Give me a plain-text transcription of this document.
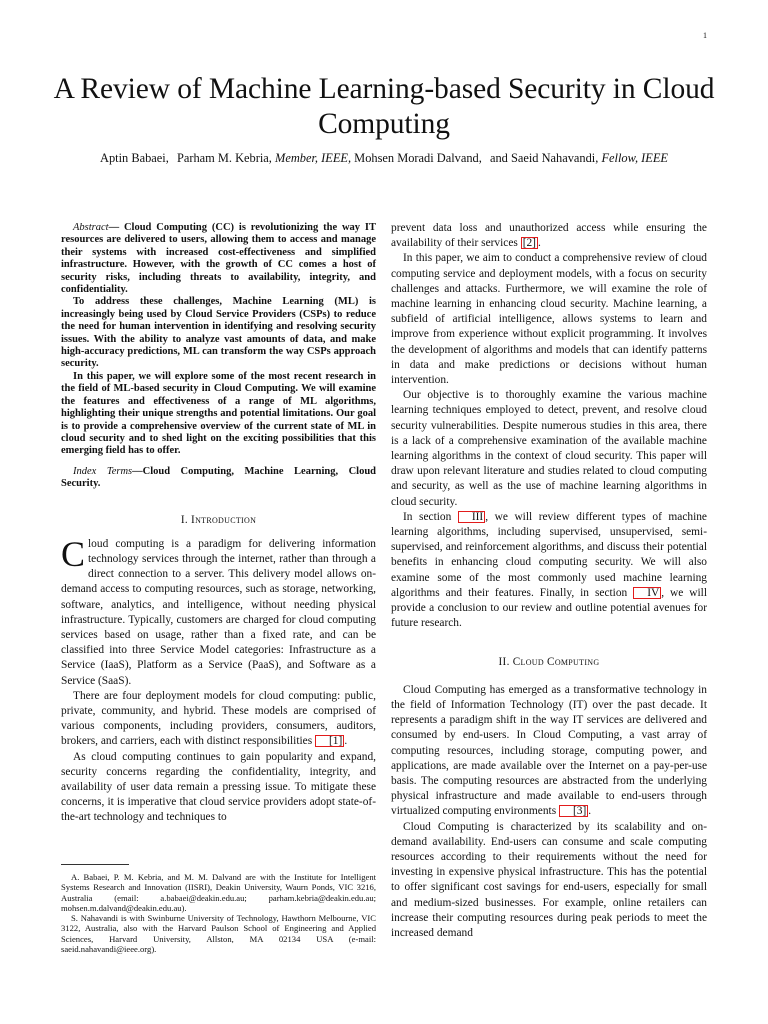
1
A Review of Machine Learning-based Security in Cloud Computing
Aptin Babaei, Parham M. Kebria, Member, IEEE, Mohsen Moradi Dalvand, and Saeid Nahavandi, Fellow, IEEE

Abstract— Cloud Computing (CC) is revolutionizing the way IT resources are delivered to users, allowing them to access and manage their systems with increased cost-effectiveness and simplified infrastructure. However, with the growth of CC comes a host of security risks, including threats to availability, integrity, and confidentiality.

To address these challenges, Machine Learning (ML) is increasingly being used by Cloud Service Providers (CSPs) to reduce the need for human intervention in identifying and resolving security issues. With the ability to analyze vast amounts of data, and make high-accuracy predictions, ML can transform the way CSPs approach security.

In this paper, we will explore some of the most recent research in the field of ML-based security in Cloud Computing. We will examine the features and effectiveness of a range of ML algorithms, highlighting their unique strengths and potential limitations. Our goal is to provide a comprehensive overview of the current state of ML in cloud security and to shed light on the exciting possibilities that this emerging field has to offer.

Index Terms—Cloud Computing, Machine Learning, Cloud Security.

I. Introduction

Cloud computing is a paradigm for delivering information technology services through the internet, rather than through a direct connection to a server. This delivery model allows on-demand access to computing resources, such as storage, networking, software, analytics, and intelligence, without needing physical infrastructure. Typically, customers are charged for cloud computing services based on usage, rather than a fixed rate, and can be classified into three Service Model categories: Infrastructure as a Service (IaaS), Platform as a Service (PaaS), and Software as a Service (SaaS).

There are four deployment models for cloud computing: public, private, community, and hybrid. These models are comprised of various components, including providers, consumers, auditors, brokers, and carriers, each with distinct responsibilities [1] .

As cloud computing continues to gain popularity and expand, security concerns regarding the confidentiality, integrity, and availability of user data remain a pressing issue. To mitigate these concerns, it is imperative that cloud service providers adopt state-of-the-art technology and techniques to

A. Babaei, P. M. Kebria, and M. M. Dalvand are with the Institute for Intelligent Systems Research and Innovation (IISRI), Deakin University, Waurn Ponds, VIC 3216, Australia (email: a.babaei@deakin.edu.au; parham.kebria@deakin.edu.au; mohsen.m.dalvand@deakin.edu.au).

S. Nahavandi is with Swinburne University of Technology, Hawthorn Melbourne, VIC 3122, Australia, also with the Harvard Paulson School of Engineering and Applied Sciences, Harvard University, Allston, MA 02134 USA (e-mail: saeid.nahavandi@ieee.org).

prevent data loss and unauthorized access while ensuring the availability of their services [2] .

In this paper, we aim to conduct a comprehensive review of cloud computing service and deployment models, with a focus on security challenges and attacks. Furthermore, we will examine the role of machine learning in enhancing cloud security. Machine learning, a subfield of artificial intelligence, allows systems to learn and improve from experience without explicit programming. It involves the development of algorithms and models that can identify patterns in data and make predictions or decisions without human intervention.

Our objective is to thoroughly examine the various machine learning techniques employed to detect, prevent, and resolve cloud security vulnerabilities. Despite numerous studies in this area, there is a lack of a comprehensive examination of the available machine learning algorithms in the context of cloud security. This paper will draw upon relevant literature and studies related to cloud computing and security, as well as the use of machine learning algorithms in cloud security.

In section III , we will review different types of machine learning algorithms, including supervised, unsupervised, semi-supervised, and reinforcement algorithms, and discuss their potential benefits in enhancing cloud computing security. We will also examine some of the most commonly used machine learning algorithms and their features. Finally, in section IV , we will provide a conclusion to our review and outline potential avenues for future research.

II. Cloud Computing

Cloud Computing has emerged as a transformative technology in the field of Information Technology (IT) over the past decade. It represents a paradigm shift in the way IT services are delivered and consumed by end-users. In Cloud Computing, a vast array of computing resources, including storage, computing power, and applications, are made available over the Internet on a pay-per-use basis. The computing resources are abstracted from the underlying physical infrastructure and made available to end-users through virtualized computing environments [3] .

Cloud Computing is characterized by its scalability and on-demand availability. End-users can consume and scale computing resources according to their requirements without the need for investing in expensive physical infrastructure. This has the potential to offer significant cost savings for end-users, especially for small and medium-sized businesses. For example, online retailers can increase their computing resources during peak periods to meet the increased demand
